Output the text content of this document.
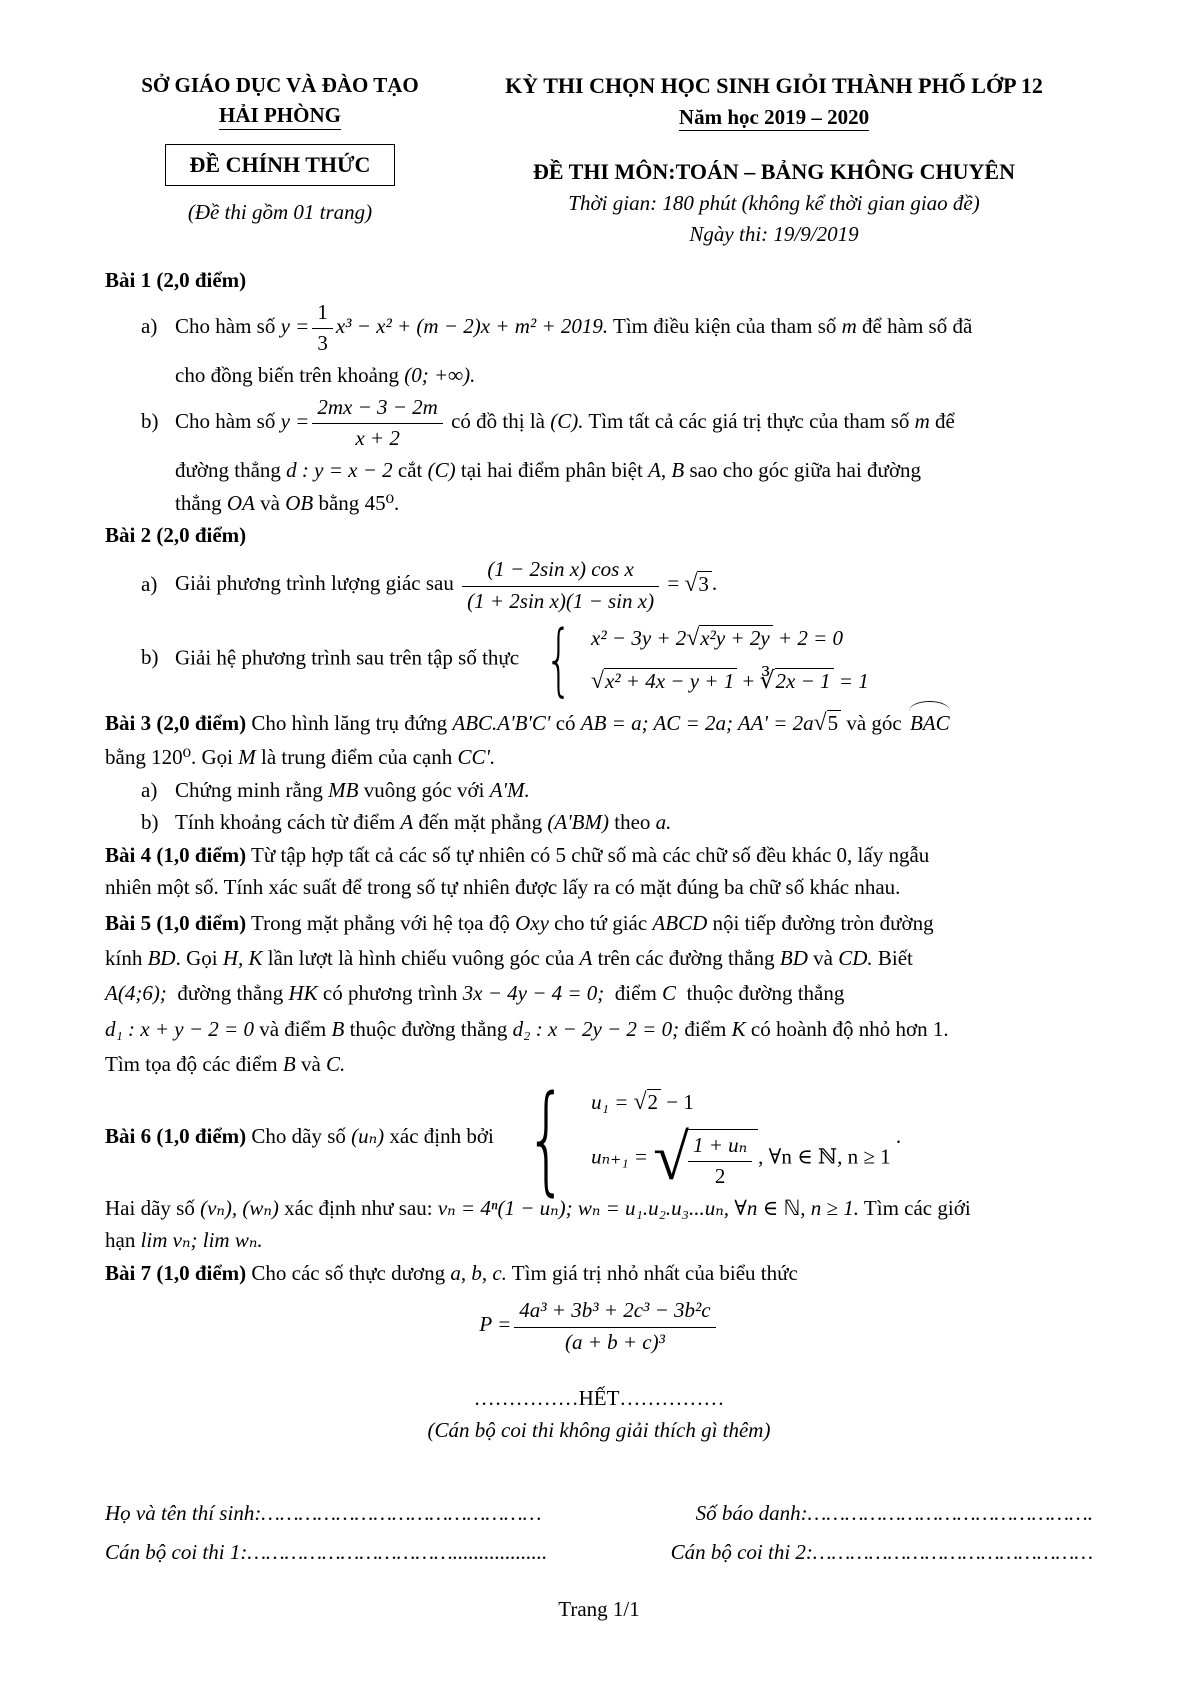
SỞ GIÁO DỤC VÀ ĐÀO TẠO
HẢI PHÒNG
ĐỀ CHÍNH THỨC
(Đề thi gồm 01 trang)
KỲ THI CHỌN HỌC SINH GIỎI THÀNH PHỐ LỚP 12
Năm học 2019 – 2020
ĐỀ THI MÔN:TOÁN – BẢNG KHÔNG CHUYÊN
Thời gian: 180 phút (không kể thời gian giao đề)
Ngày thi: 19/9/2019
Bài 1 (2,0 điểm)
a) Cho hàm số $y = \frac{1}{3} x^3 - x^2 + (m - 2)x + m^2 + 2019$. Tìm điều kiện của tham số m để hàm số đã
cho đồng biến trên khoảng (0; +∞).
b) Cho hàm số $y = \frac{2mx - 3 - 2m}{x + 2}$ có đồ thị là (C). Tìm tất cả các giá trị thực của tham số m để
đường thẳng d : y = x − 2 cắt (C) tại hai điểm phân biệt A, B sao cho góc giữa hai đường
thẳng OA và OB bằng 45⁰.
Bài 2 (2,0 điểm)
a) Giải phương trình lượng giác sau $\frac{\text{(1 − 2sin x) cos x}}{\text{(1 + 2sin x)(1 − sin x)}}$ = √ 3 .
b) Giải hệ phương trình sau trên tập số thực
{ x² − 3y + 2 √ x²y + 2y + 2 = 0
√ x² + 4x − y + 1 + ∛ 2x − 1 = 1
Bài 3 (2,0 điểm) Cho hình lăng trụ đứng ABC.A'B'C' có AB = a; AC = 2a; AA' = 2a √ 5 và góc BAC
bằng 120⁰. Gọi M là trung điểm của cạnh CC'.
a) Chứng minh rằng MB vuông góc với A'M.
b) Tính khoảng cách từ điểm A đến mặt phẳng (A'BM) theo a.
Bài 4 (1,0 điểm) Từ tập hợp tất cả các số tự nhiên có 5 chữ số mà các chữ số đều khác 0, lấy ngẫu
nhiên một số. Tính xác suất để trong số tự nhiên được lấy ra có mặt đúng ba chữ số khác nhau.
Bài 5 (1,0 điểm) Trong mặt phẳng với hệ tọa độ Oxy cho tứ giác ABCD nội tiếp đường tròn đường
kính BD. Gọi H, K lần lượt là hình chiếu vuông góc của A trên các đường thẳng BD và CD. Biết
A(4;6); đường thẳng HK có phương trình 3x − 4y − 4 = 0; điểm C thuộc đường thẳng
d₁ : x + y − 2 = 0 và điểm B thuộc đường thẳng d₂ : x − 2y − 2 = 0; điểm K có hoành độ nhỏ hơn 1.
Tìm tọa độ các điểm B và C.
Bài 6 (1,0 điểm) Cho dãy số (uₙ) xác định bởi
{ u₁ = √ 2 − 1
uₙ₊₁ = √ $\frac{\text{1 + uₙ}}{2}$ , ∀n ∈ ℕ, n ≥ 1
.
Hai dãy số (vₙ), (wₙ) xác định như sau: vₙ = 4ⁿ(1 − uₙ); wₙ = u₁.u₂.u₃...uₙ, ∀n ∈ ℕ, n ≥ 1. Tìm các giới
hạn lim vₙ; lim wₙ.
Bài 7 (1,0 điểm) Cho các số thực dương a, b, c. Tìm giá trị nhỏ nhất của biểu thức
$P = \frac{\text{4a³ + 3b³ + 2c³ − 3b²c}}{\text{(a + b + c)³}}$
……………HẾT……………
(Cán bộ coi thi không giải thích gì thêm)
Họ và tên thí sinh:………………………………………	Số báo danh:……………………………………….
Cán bộ coi thi 1:……………………………..................	Cán bộ coi thi 2:………………………………………
Trang 1/1
